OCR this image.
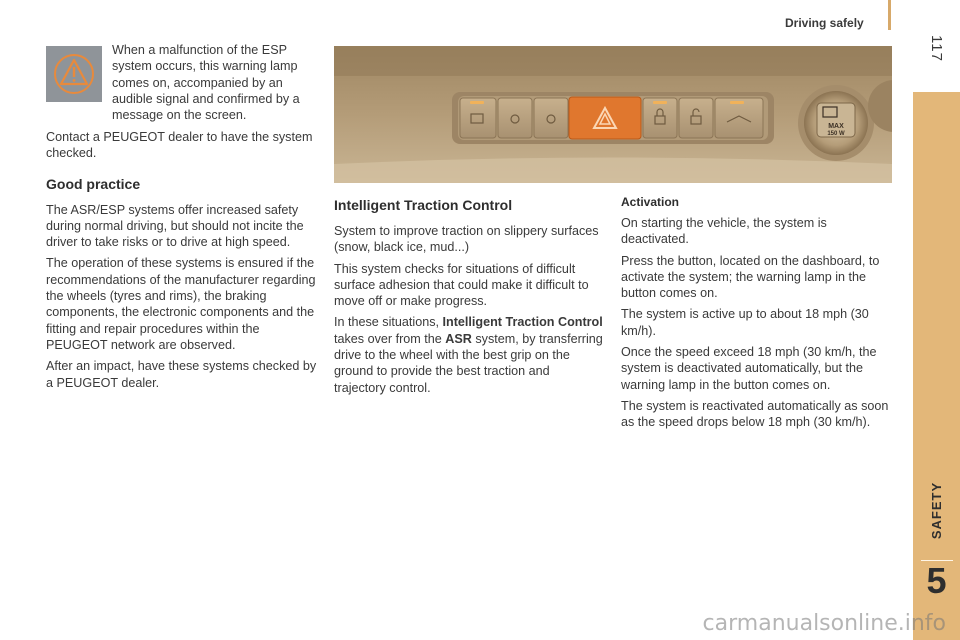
Driving safely
117
SAFETY
5

When a malfunction of the ESP system occurs, this warning lamp comes on, accompanied by an audible signal and confirmed by a message on the screen.

Contact a PEUGEOT dealer to have the system checked.

Good practice

The ASR/ESP systems offer increased safety during normal driving, but should not incite the driver to take risks or to drive at high speed.

The operation of these systems is ensured if the recommendations of the manufacturer regarding the wheels (tyres and rims), the braking components, the electronic components and the fitting and repair procedures within the PEUGEOT network are observed.

After an impact, have these systems checked by a PEUGEOT dealer.

MAX
150 W
Intelligent Traction Control

System to improve traction on slippery surfaces (snow, black ice, mud...)

This system checks for situations of difficult surface adhesion that could make it difficult to move off or make progress.

In these situations, Intelligent Traction Control takes over from the ASR system, by transferring drive to the wheel with the best grip on the ground to provide the best traction and trajectory control.

Activation

On starting the vehicle, the system is deactivated.

Press the button, located on the dashboard, to activate the system; the warning lamp in the button comes on.

The system is active up to about 18 mph (30 km/h).

Once the speed exceed 18 mph (30 km/h, the system is deactivated automatically, but the warning lamp in the button comes on.

The system is reactivated automatically as soon as the speed drops below 18 mph (30 km/h).

carmanualsonline.info
